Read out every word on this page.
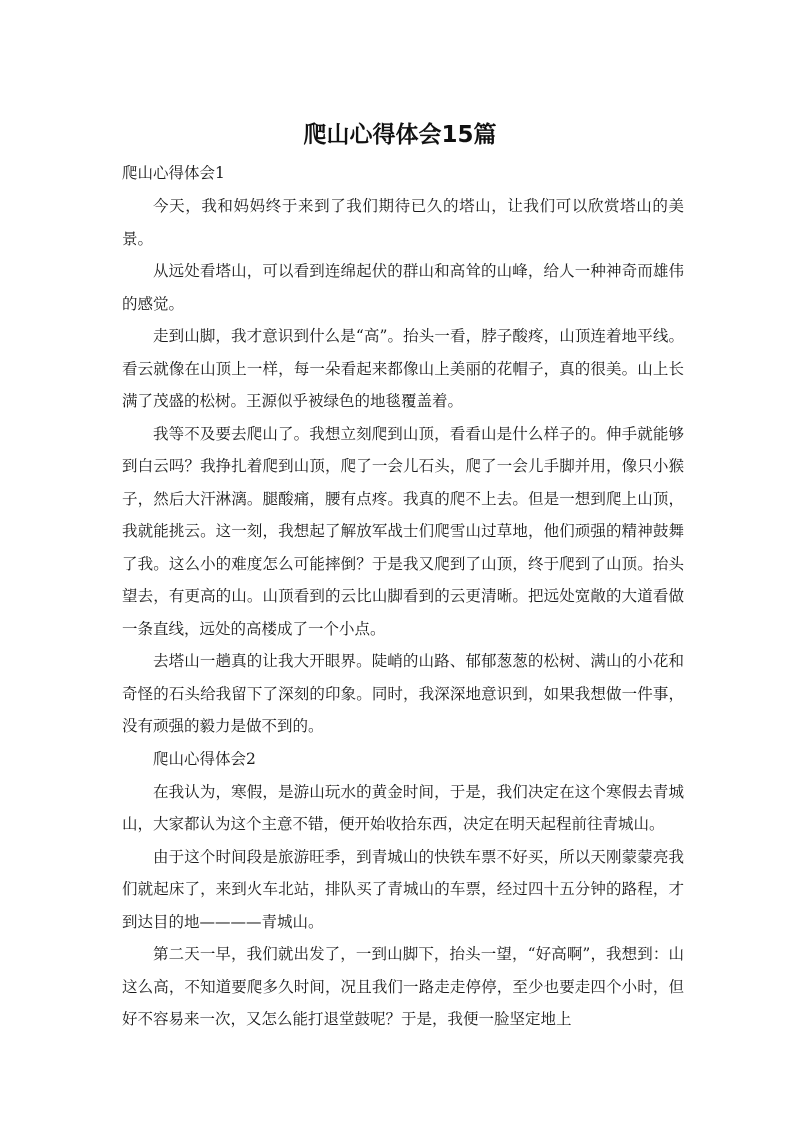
爬山心得体会15篇

爬山心得体会1

今天，我和妈妈终于来到了我们期待已久的塔山，让我们可以欣赏塔山的美景。

从远处看塔山，可以看到连绵起伏的群山和高耸的山峰，给人一种神奇而雄伟的感觉。

走到山脚，我才意识到什么是“高”。抬头一看，脖子酸疼，山顶连着地平线。看云就像在山顶上一样，每一朵看起来都像山上美丽的花帽子，真的很美。山上长满了茂盛的松树。王源似乎被绿色的地毯覆盖着。

我等不及要去爬山了。我想立刻爬到山顶，看看山是什么样子的。伸手就能够到白云吗？我挣扎着爬到山顶，爬了一会儿石头，爬了一会儿手脚并用，像只小猴子，然后大汗淋漓。腿酸痛，腰有点疼。我真的爬不上去。但是一想到爬上山顶，我就能挑云。这一刻，我想起了解放军战士们爬雪山过草地，他们顽强的精神鼓舞了我。这么小的难度怎么可能摔倒？于是我又爬到了山顶，终于爬到了山顶。抬头望去，有更高的山。山顶看到的云比山脚看到的云更清晰。把远处宽敞的大道看做一条直线，远处的高楼成了一个小点。

去塔山一趟真的让我大开眼界。陡峭的山路、郁郁葱葱的松树、满山的小花和奇怪的石头给我留下了深刻的印象。同时，我深深地意识到，如果我想做一件事，没有顽强的毅力是做不到的。

爬山心得体会2

在我认为，寒假，是游山玩水的黄金时间，于是，我们决定在这个寒假去青城山，大家都认为这个主意不错，便开始收拾东西，决定在明天起程前往青城山。

由于这个时间段是旅游旺季，到青城山的快铁车票不好买，所以天刚蒙蒙亮我们就起床了，来到火车北站，排队买了青城山的车票，经过四十五分钟的路程，才到达目的地————青城山。

第二天一早，我们就出发了，一到山脚下，抬头一望，“好高啊”，我想到：山这么高，不知道要爬多久时间，况且我们一路走走停停，至少也要走四个小时，但好不容易来一次，又怎么能打退堂鼓呢？于是，我便一脸坚定地上
